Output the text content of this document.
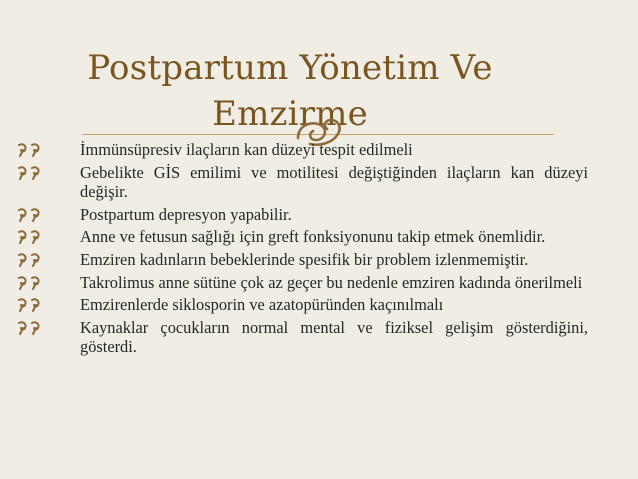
Postpartum Yönetim Ve
Emzirme
İmmünsüpresiv ilaçların kan düzeyi tespit edilmeli
Gebelikte GİS emilimi ve motilitesi değiştiğinden ilaçların kan düzeyi değişir.
Postpartum depresyon yapabilir.
Anne ve fetusun sağlığı için greft fonksiyonunu takip etmek önemlidir.
Emziren kadınların bebeklerinde spesifik bir problem izlenmemiştir.
Takrolimus anne sütüne çok az geçer bu nedenle emziren kadında önerilmeli
Emzirenlerde siklosporin ve azatopüründen kaçınılmalı
Kaynaklar çocukların normal mental ve fiziksel gelişim gösterdiğini, gösterdi.
